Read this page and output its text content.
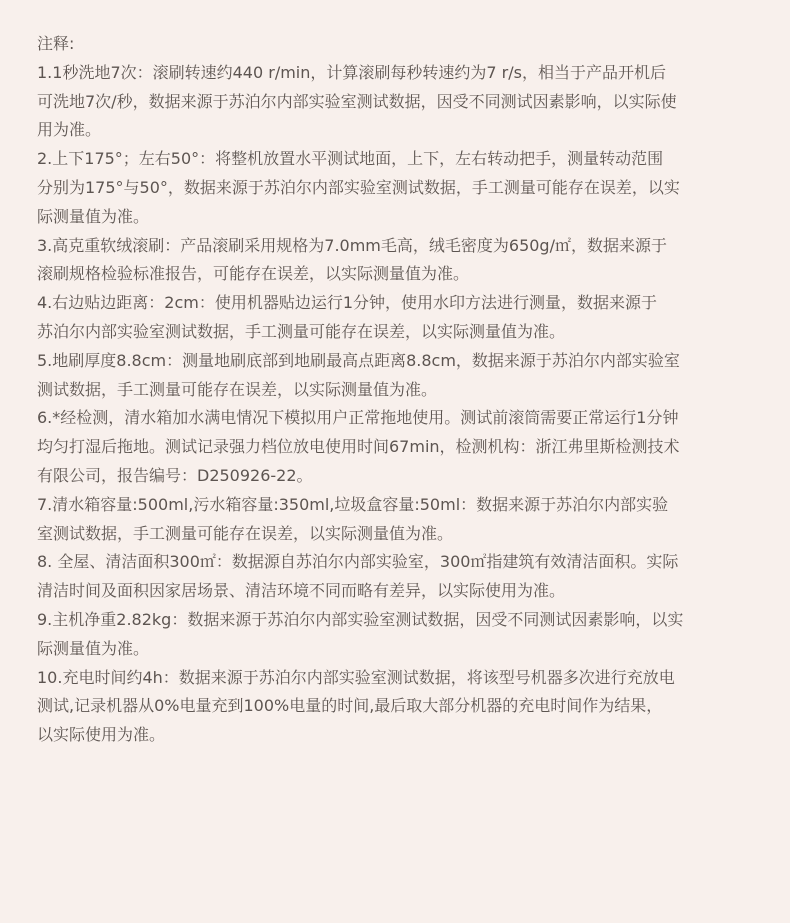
注释:
1.1秒洗地7次：滚刷转速约440 r/min，计算滚刷每秒转速约为7 r/s，相当于产品开机后
可洗地7次/秒，数据来源于苏泊尔内部实验室测试数据，因受不同测试因素影响，以实际使
用为准。
2.上下175°；左右50°：将整机放置水平测试地面，上下，左右转动把手，测量转动范围
分别为175°与50°，数据来源于苏泊尔内部实验室测试数据，手工测量可能存在误差，以实
际测量值为准。
3.高克重软绒滚刷：产品滚刷采用规格为7.0mm毛高，绒毛密度为650g/㎡，数据来源于
滚刷规格检验标准报告，可能存在误差，以实际测量值为准。
4.右边贴边距离：2cm：使用机器贴边运行1分钟，使用水印方法进行测量，数据来源于
苏泊尔内部实验室测试数据，手工测量可能存在误差，以实际测量值为准。
5.地刷厚度8.8cm：测量地刷底部到地刷最高点距离8.8cm，数据来源于苏泊尔内部实验室
测试数据，手工测量可能存在误差，以实际测量值为准。
6.*经检测，清水箱加水满电情况下模拟用户正常拖地使用。测试前滚筒需要正常运行1分钟
均匀打湿后拖地。测试记录强力档位放电使用时间67min，检测机构：浙江弗里斯检测技术
有限公司，报告编号：D250926-22。
7.清水箱容量:500ml,污水箱容量:350ml,垃圾盒容量:50ml：数据来源于苏泊尔内部实验
室测试数据，手工测量可能存在误差，以实际测量值为准。
8. 全屋、清洁面积300㎡：数据源自苏泊尔内部实验室，300㎡指建筑有效清洁面积。实际
清洁时间及面积因家居场景、清洁环境不同而略有差异，以实际使用为准。
9.主机净重2.82kg：数据来源于苏泊尔内部实验室测试数据，因受不同测试因素影响，以实
际测量值为准。
10.充电时间约4h：数据来源于苏泊尔内部实验室测试数据，将该型号机器多次进行充放电
测试,记录机器从0%电量充到100%电量的时间,最后取大部分机器的充电时间作为结果，
以实际使用为准。
